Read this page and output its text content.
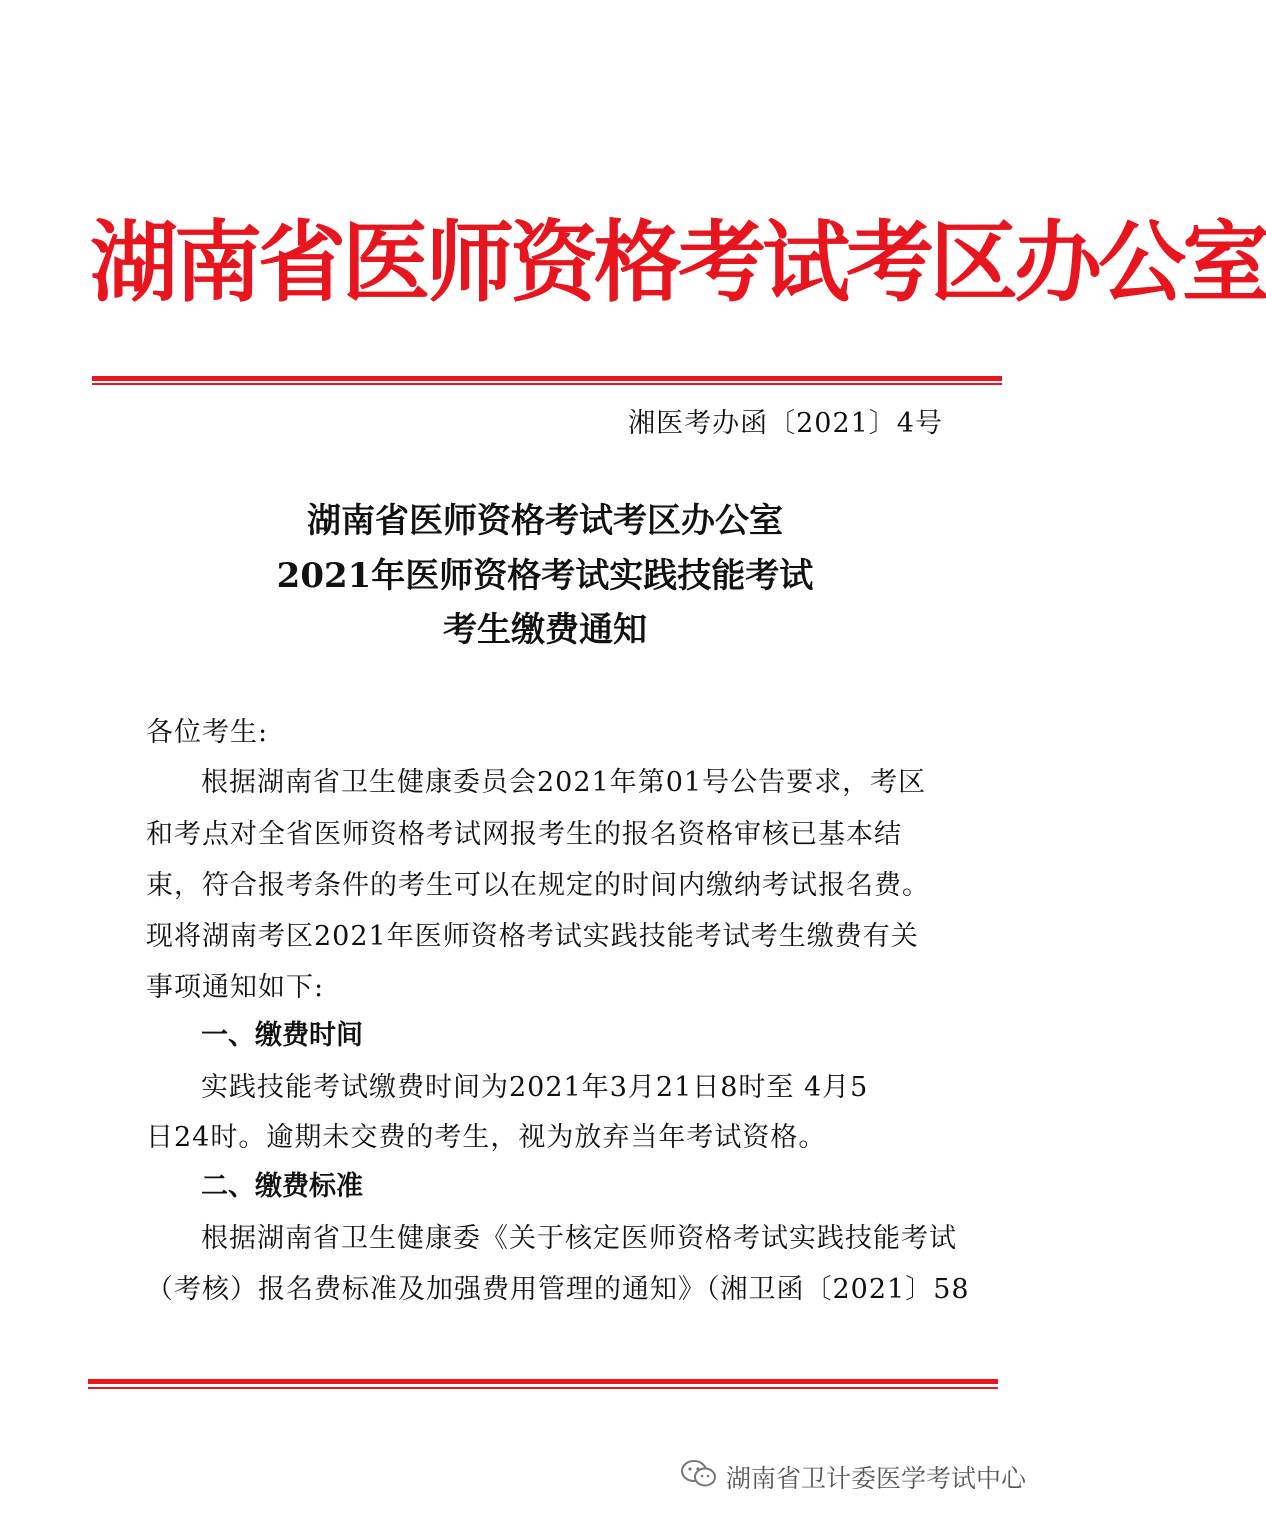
湖南省医师资格考试考区办公室
湘医考办函〔2021〕4号
湖南省医师资格考试考区办公室
2021年医师资格考试实践技能考试
考生缴费通知
各位考生:
根据湖南省卫生健康委员会2021年第01号公告要求，考区
和考点对全省医师资格考试网报考生的报名资格审核已基本结
束，符合报考条件的考生可以在规定的时间内缴纳考试报名费。
现将湖南考区2021年医师资格考试实践技能考试考生缴费有关
事项通知如下:
一、缴费时间
实践技能考试缴费时间为2021年3月21日8时至 4月5
日24时。逾期未交费的考生，视为放弃当年考试资格。
二、缴费标准
根据湖南省卫生健康委《关于核定医师资格考试实践技能考试
（考核）报名费标准及加强费用管理的通知》（湘卫函〔2021〕58
湖南省卫计委医学考试中心
